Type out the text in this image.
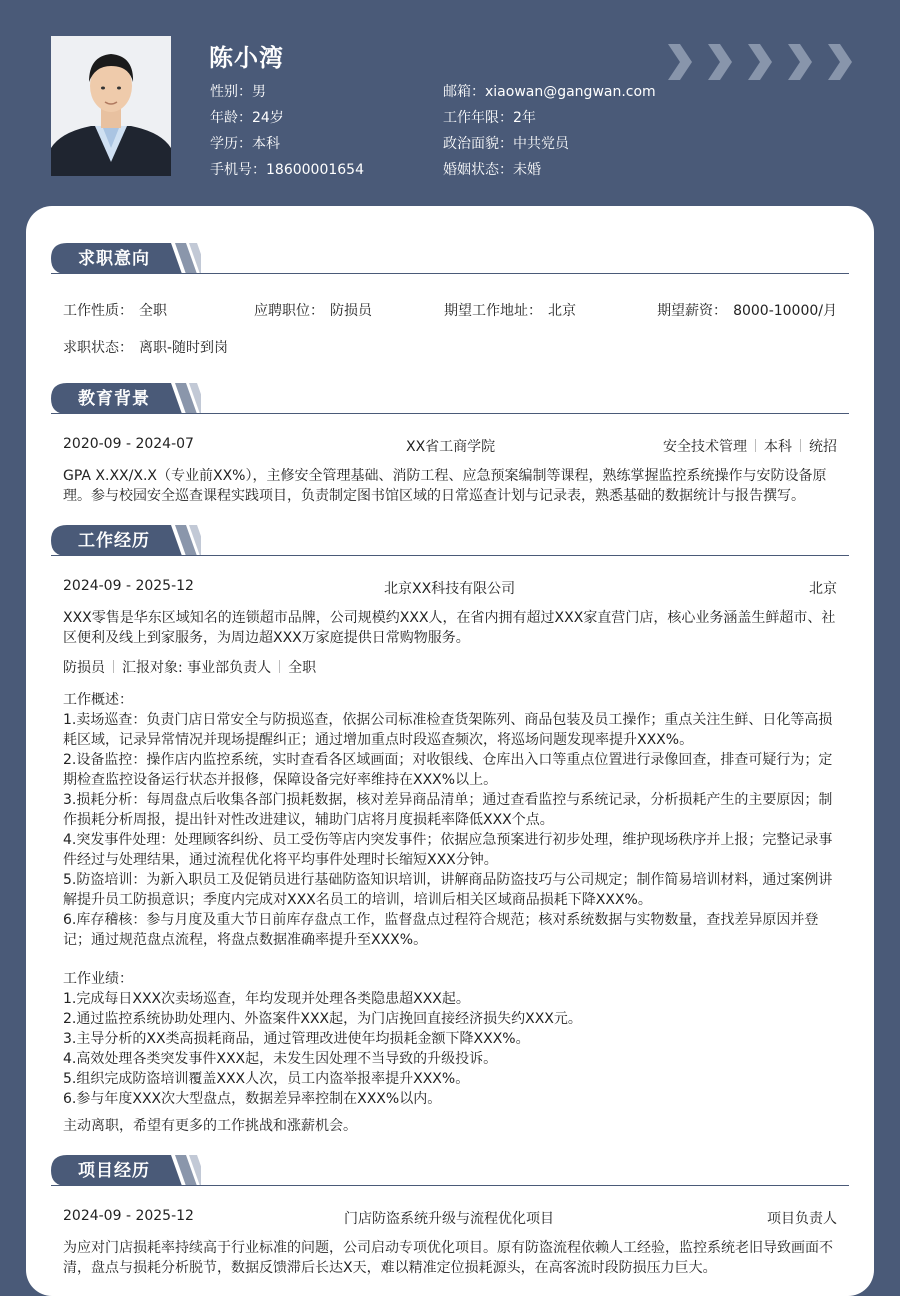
陈小湾
性别：男
年龄：24岁
学历：本科
手机号：18600001654
邮箱：xiaowan@gangwan.com
工作年限：2年
政治面貌：中共党员
婚姻状态：未婚
求职意向
工作性质： 全职	应聘职位： 防损员	期望工作地址： 北京	期望薪资： 8000-10000/月
求职状态： 离职-随时到岗
教育背景
2020-09 - 2024-07	XX省工商学院	安全技术管理 本科 统招
GPA X.XX/X.X（专业前XX%），主修安全管理基础、消防工程、应急预案编制等课程，熟练掌握监控系统操作与安防设备原理。参与校园安全巡查课程实践项目，负责制定图书馆区域的日常巡查计划与记录表，熟悉基础的数据统计与报告撰写。
工作经历
2024-09 - 2025-12	北京XX科技有限公司	北京
XXX零售是华东区域知名的连锁超市品牌，公司规模约XXX人，在省内拥有超过XXX家直营门店，核心业务涵盖生鲜超市、社区便利及线上到家服务，为周边超XXX万家庭提供日常购物服务。
防损员 汇报对象: 事业部负责人 全职
工作概述：
1.卖场巡查：负责门店日常安全与防损巡查，依据公司标准检查货架陈列、商品包装及员工操作；重点关注生鲜、日化等高损耗区域，记录异常情况并现场提醒纠正；通过增加重点时段巡查频次，将巡场问题发现率提升XXX%。
2.设备监控：操作店内监控系统，实时查看各区域画面；对收银线、仓库出入口等重点位置进行录像回查，排查可疑行为；定期检查监控设备运行状态并报修，保障设备完好率维持在XXX%以上。
3.损耗分析：每周盘点后收集各部门损耗数据，核对差异商品清单；通过查看监控与系统记录，分析损耗产生的主要原因；制作损耗分析周报，提出针对性改进建议，辅助门店将月度损耗率降低XXX个点。
4.突发事件处理：处理顾客纠纷、员工受伤等店内突发事件；依据应急预案进行初步处理，维护现场秩序并上报；完整记录事件经过与处理结果，通过流程优化将平均事件处理时长缩短XXX分钟。
5.防盗培训：为新入职员工及促销员进行基础防盗知识培训，讲解商品防盗技巧与公司规定；制作简易培训材料，通过案例讲解提升员工防损意识；季度内完成对XXX名员工的培训，培训后相关区域商品损耗下降XXX%。
6.库存稽核：参与月度及重大节日前库存盘点工作，监督盘点过程符合规范；核对系统数据与实物数量，查找差异原因并登记；通过规范盘点流程，将盘点数据准确率提升至XXX%。
工作业绩：
1.完成每日XXX次卖场巡查，年均发现并处理各类隐患超XXX起。
2.通过监控系统协助处理内、外盗案件XXX起，为门店挽回直接经济损失约XXX元。
3.主导分析的XX类高损耗商品，通过管理改进使年均损耗金额下降XXX%。
4.高效处理各类突发事件XXX起，未发生因处理不当导致的升级投诉。
5.组织完成防盗培训覆盖XXX人次，员工内盗举报率提升XXX%。
6.参与年度XXX次大型盘点，数据差异率控制在XXX%以内。
主动离职，希望有更多的工作挑战和涨薪机会。
项目经历
2024-09 - 2025-12	门店防盗系统升级与流程优化项目	项目负责人
为应对门店损耗率持续高于行业标准的问题，公司启动专项优化项目。原有防盗流程依赖人工经验，监控系统老旧导致画面不清，盘点与损耗分析脱节，数据反馈滞后长达X天，难以精准定位损耗源头，在高客流时段防损压力巨大。
